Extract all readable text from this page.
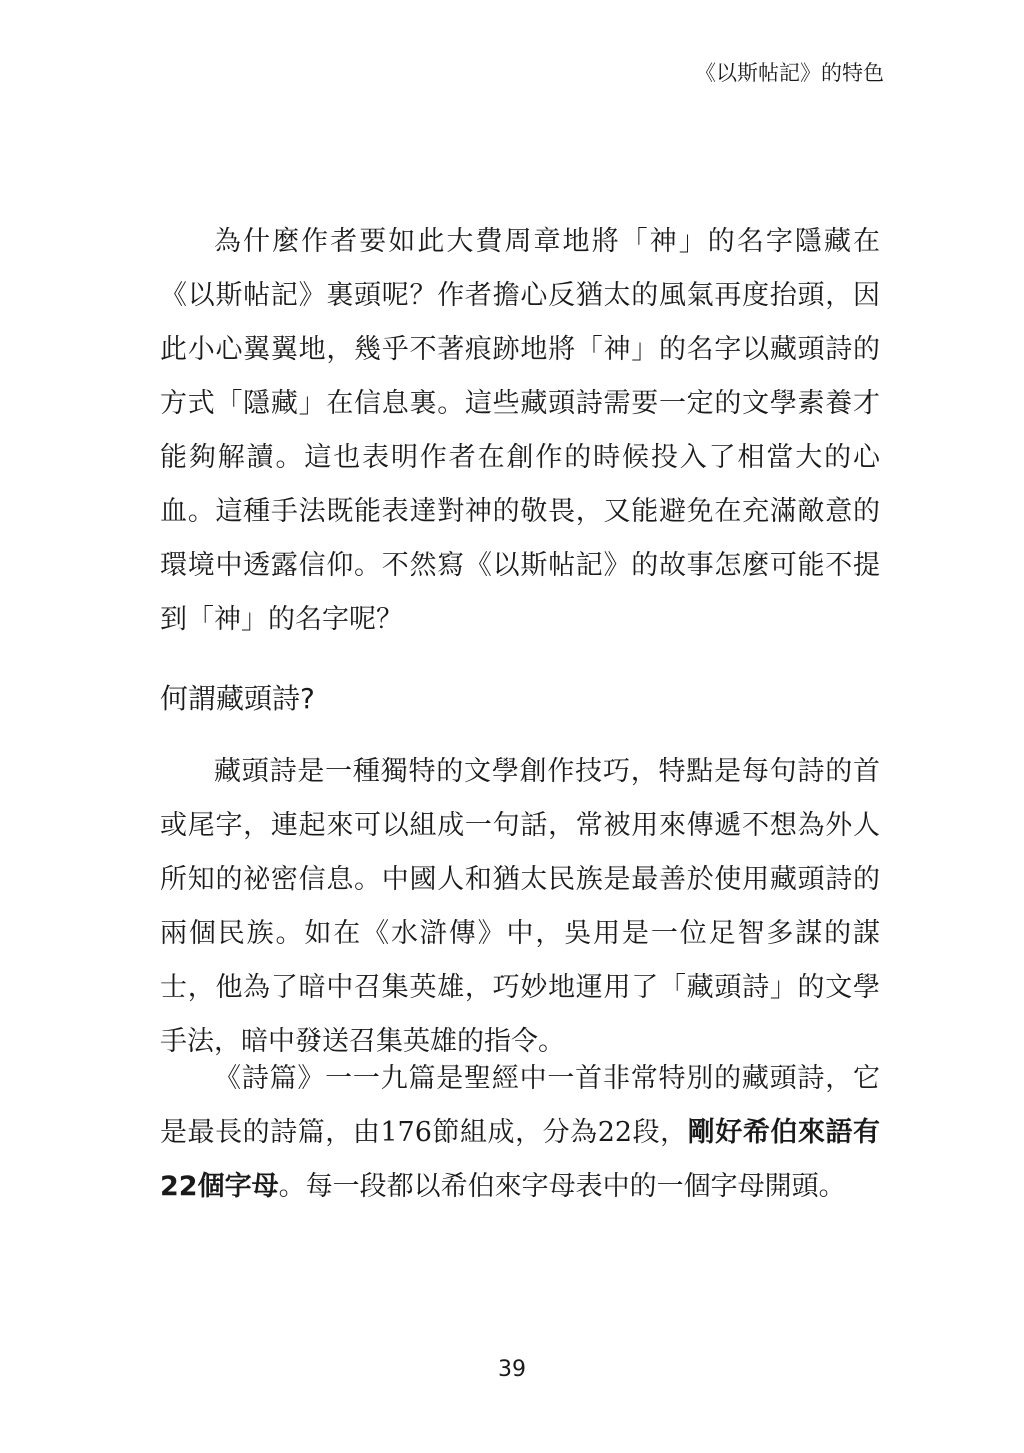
《以斯帖記》的特色

為什麼作者要如此大費周章地將「神」的名字隱藏在《以斯帖記》裏頭呢？作者擔心反猶太的風氣再度抬頭，因此小心翼翼地，幾乎不著痕跡地將「神」的名字以藏頭詩的方式「隱藏」在信息裏。這些藏頭詩需要一定的文學素養才能夠解讀。這也表明作者在創作的時候投入了相當大的心血。這種手法既能表達對神的敬畏，又能避免在充滿敵意的環境中透露信仰。不然寫《以斯帖記》的故事怎麼可能不提到「神」的名字呢？

何謂藏頭詩?

藏頭詩是一種獨特的文學創作技巧，特點是每句詩的首或尾字，連起來可以組成一句話，常被用來傳遞不想為外人所知的祕密信息。中國人和猶太民族是最善於使用藏頭詩的兩個民族。如在《水滸傳》中，吳用是一位足智多謀的謀士，他為了暗中召集英雄，巧妙地運用了「藏頭詩」的文學手法，暗中發送召集英雄的指令。

《詩篇》一一九篇是聖經中一首非常特別的藏頭詩，它是最長的詩篇，由176節組成，分為22段，剛好希伯來語有22個字母。每一段都以希伯來字母表中的一個字母開頭。

39
